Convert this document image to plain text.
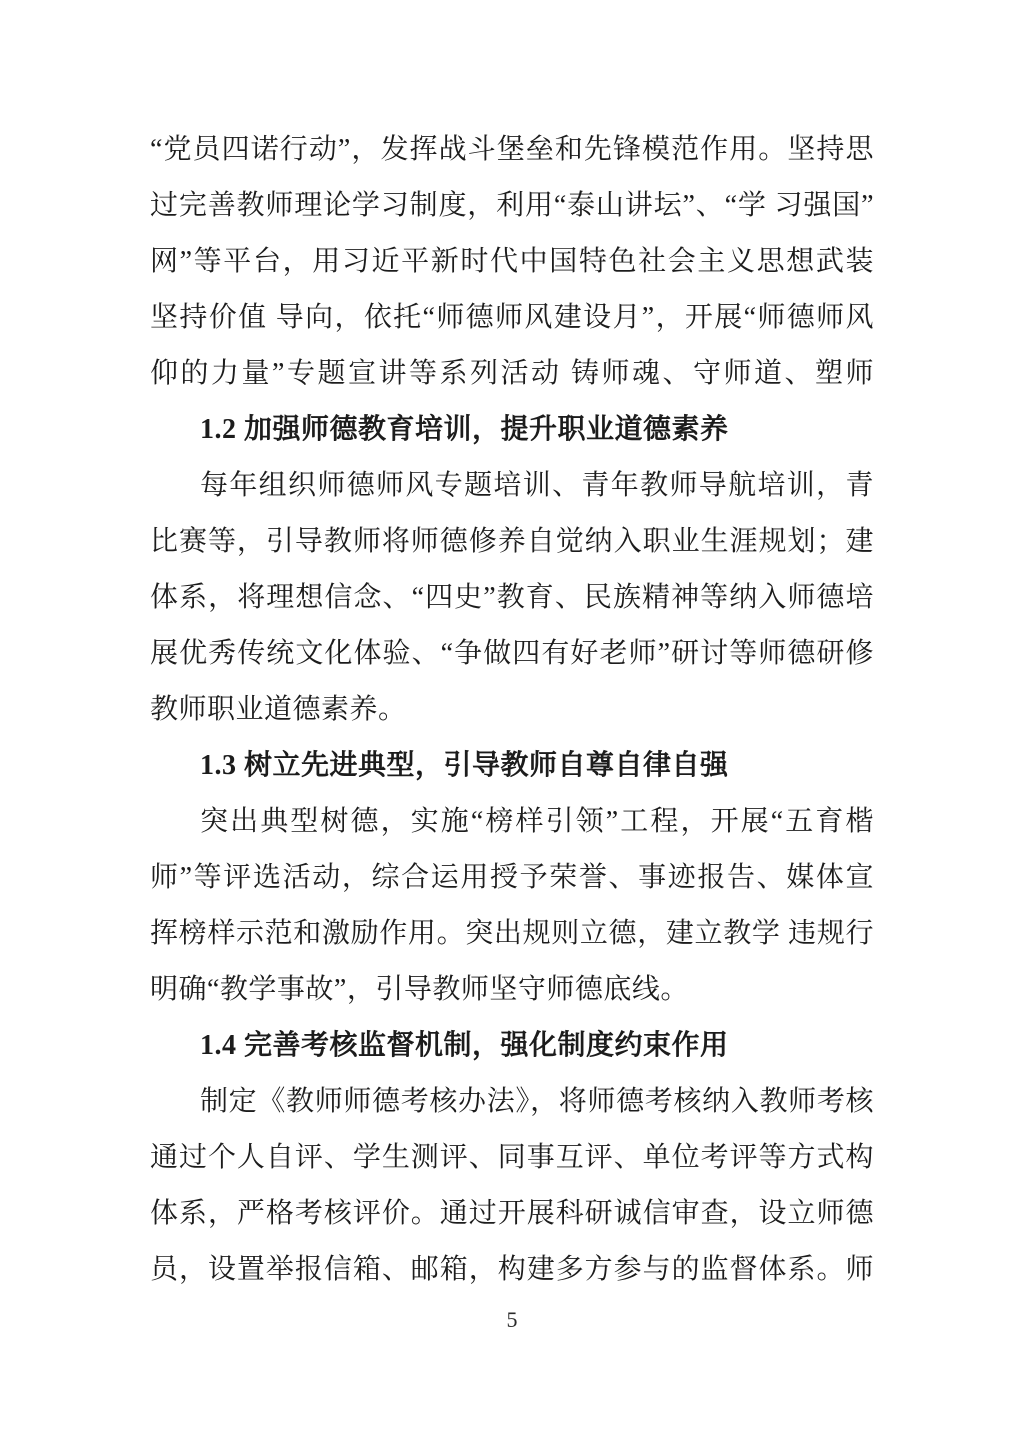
“党员四诺行动”，发挥战斗堡垒和先锋模范作用。坚持思
过完善教师理论学习制度，利用“泰山讲坛”、“学 习强国”
网”等平台，用习近平新时代中国特色社会主义思想武装
坚持价值 导向，依托“师德师风建设月”，开展“师德师风
仰的力量”专题宣讲等系列活动 铸师魂、守师道、塑师
1.2 加强师德教育培训，提升职业道德素养
每年组织师德师风专题培训、青年教师导航培训，青
比赛等，引导教师将师德修养自觉纳入职业生涯规划；建
体系，将理想信念、“四史”教育、民族精神等纳入师德培
展优秀传统文化体验、“争做四有好老师”研讨等师德研修
教师职业道德素养。
1.3 树立先进典型，引导教师自尊自律自强
突出典型树德，实施“榜样引领”工程，开展“五育楷
师”等评选活动，综合运用授予荣誉、事迹报告、媒体宣
挥榜样示范和激励作用。突出规则立德，建立教学 违规行
明确“教学事故”，引导教师坚守师德底线。
1.4 完善考核监督机制，强化制度约束作用
制定《教师师德考核办法》，将师德考核纳入教师考核
通过个人自评、学生测评、同事互评、单位考评等方式构
体系，严格考核评价。通过开展科研诚信审查，设立师德
员，设置举报信箱、邮箱，构建多方参与的监督体系。师
5
